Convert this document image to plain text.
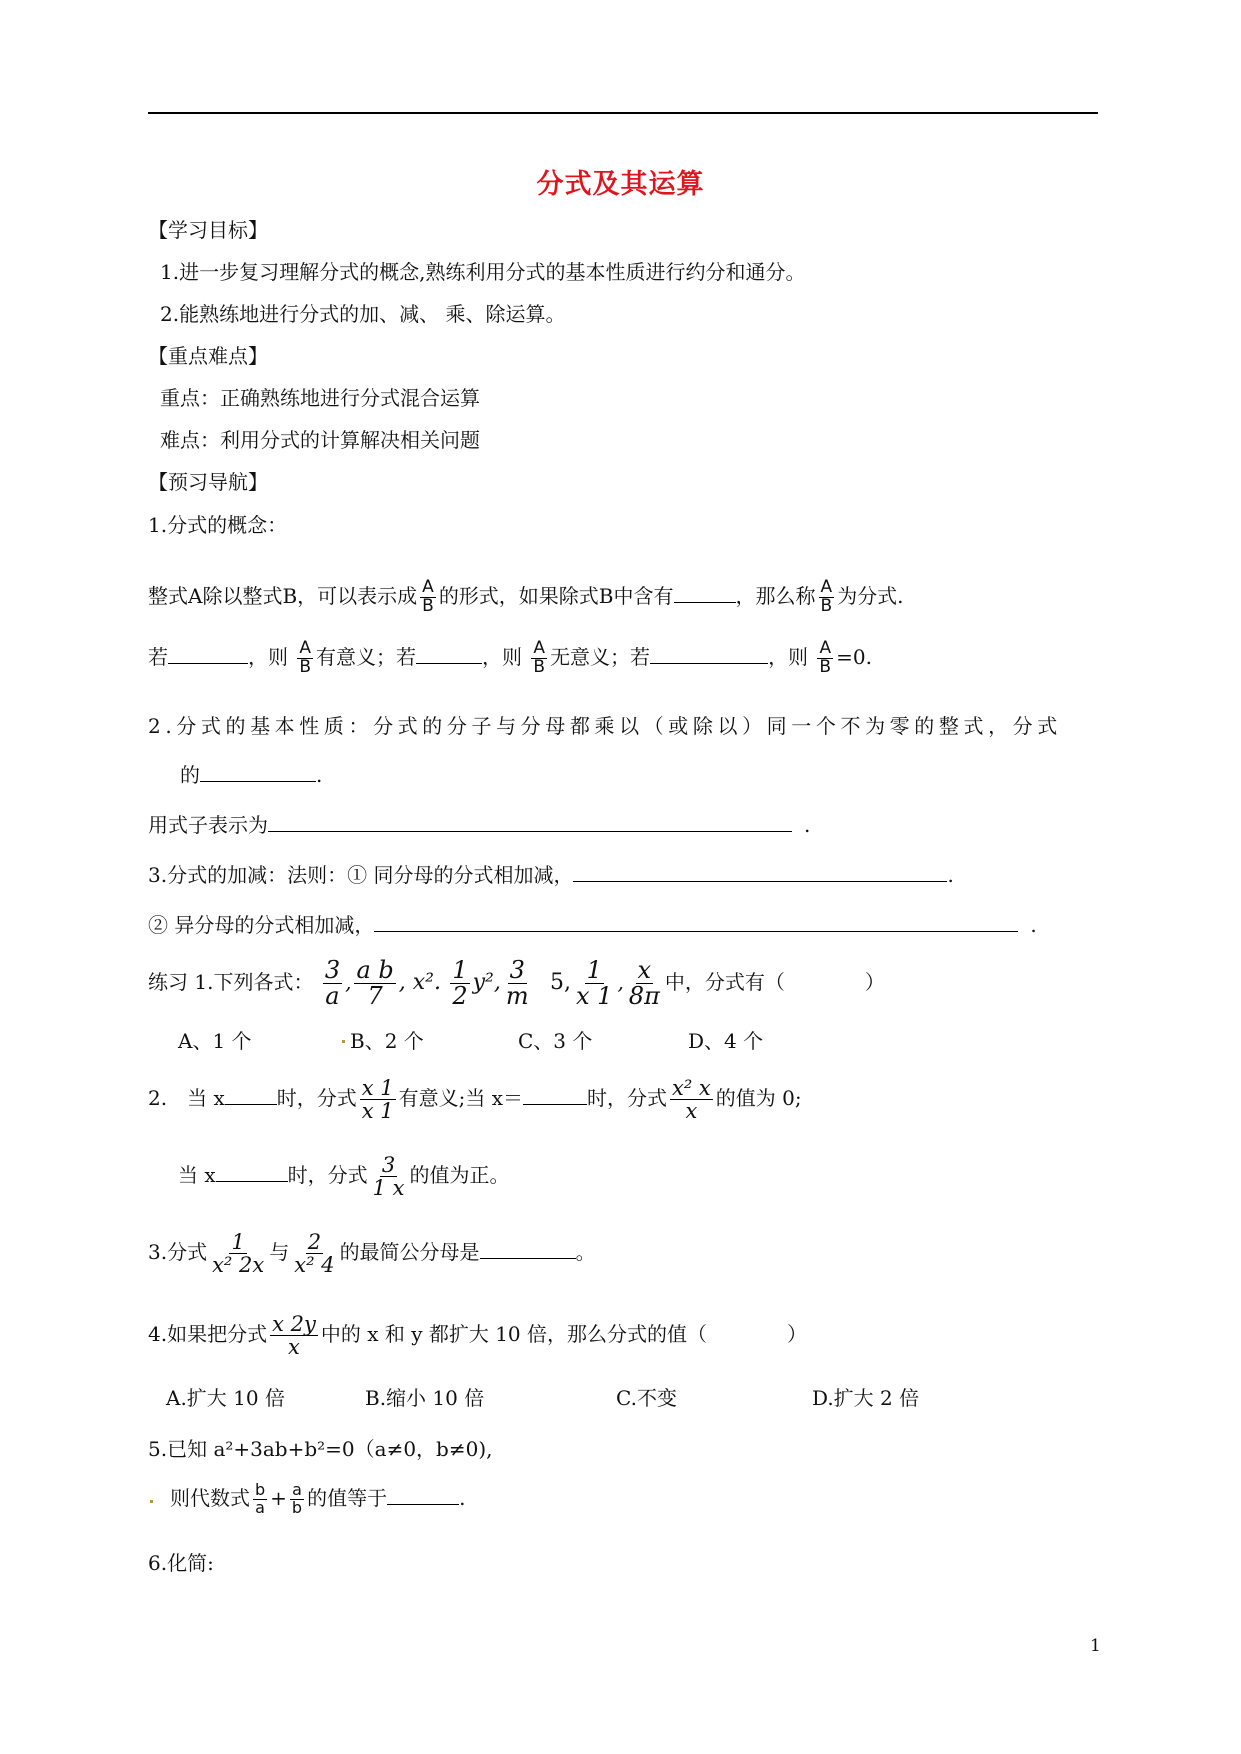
分式及其运算
【学习目标】
1.进一步复习理解分式的概念,熟练利用分式的基本性质进行约分和通分。
2.能熟练地进行分式的加、减、 乘、除运算。
【重点难点】
重点：正确熟练地进行分式混合运算
难点：利用分式的计算解决相关问题
【预习导航】
1.分式的概念：
整式A除以整式B，可以表示成 $\frac{A}{B}$ 的形式，如果除式B中含有	，那么称 $\frac{A}{B}$ 为分式.
若	，则 $\frac{A}{B}$ 有意义；若	，则 $\frac{A}{B}$ 无意义；若	，则 $\frac{A}{B} =0$.
2.分式的基本性质：分式的分子与分母都乘以（或除以）同一个不为零的整式，分式
的	.
用式子表示为	.
3.分式的加减：法则：① 同分母的分式相加减，	.
② 异分母的分式相加减，	.
练习 1.下列各式： $\frac{3}{a}$ , $\frac{\text{a b}}{7}$ , x². $\frac{1}{2} y^2$, $\frac{3}{m} 5$, $\frac{1}{x 1}$ , $\frac{x}{8\pi}$ 中，分式有（　　　　）
A、1 个	B、2 个	C、3 个	D、4 个
2.　当 x	时，分式 $\frac{x 1}{x 1}$ 有意义;当 x＝	时，分式 $\frac{\text{x² x}}{x}$ 的值为 0;
当 x	时，分式 $\frac{3}{1 x}$ 的值为正。
3.分式 $\frac{1}{\text{x² 2x}}$ 与 $\frac{2}{\text{x² 4}}$ 的最简公分母是	。
4.如果把分式 $\frac{x 2y}{x}$ 中的 x 和 y 都扩大 10 倍，那么分式的值（　　　　）
A.扩大 10 倍	B.缩小 10 倍	C.不变	D.扩大 2 倍
5.已知 a²+3ab+b²=0（a≠0，b≠0),
则代数式 $\frac{b}{a} + \frac{a}{b}$ 的值等于	.
6.化简:
1
